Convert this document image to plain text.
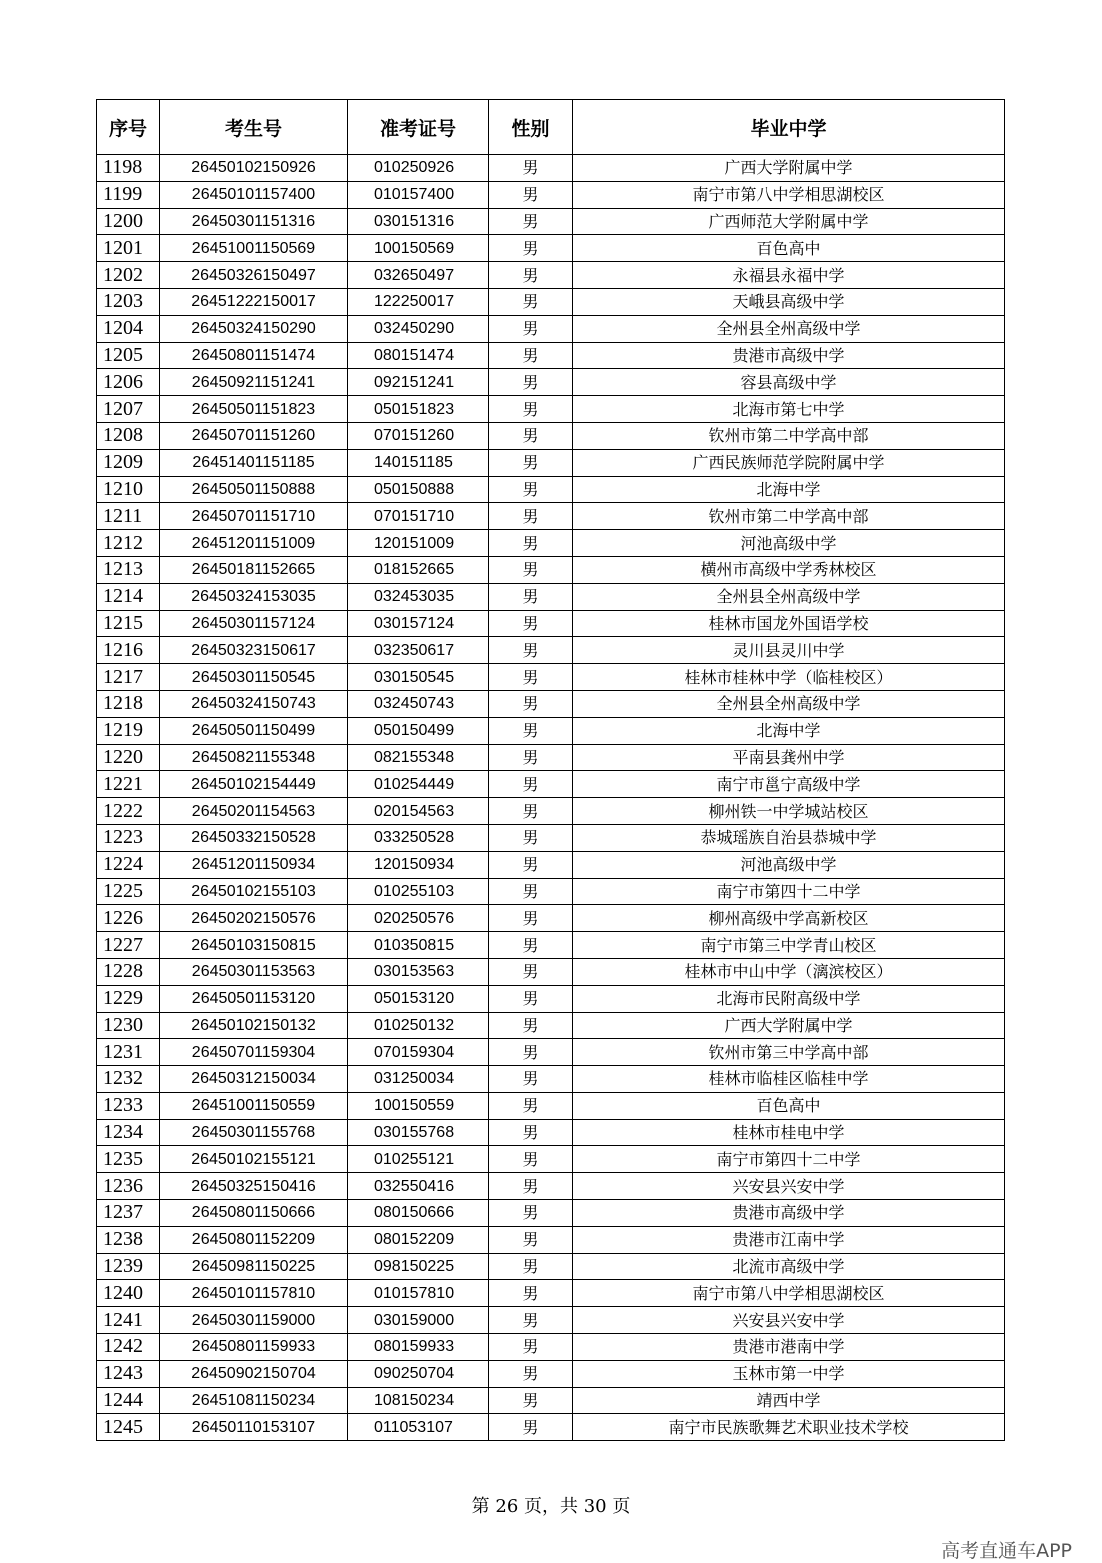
序号	考生号	准考证号	性别	毕业中学
1198	26450102150926	010250926	男	广西大学附属中学
1199	26450101157400	010157400	男	南宁市第八中学相思湖校区
1200	26450301151316	030151316	男	广西师范大学附属中学
1201	26451001150569	100150569	男	百色高中
1202	26450326150497	032650497	男	永福县永福中学
1203	26451222150017	122250017	男	天峨县高级中学
1204	26450324150290	032450290	男	全州县全州高级中学
1205	26450801151474	080151474	男	贵港市高级中学
1206	26450921151241	092151241	男	容县高级中学
1207	26450501151823	050151823	男	北海市第七中学
1208	26450701151260	070151260	男	钦州市第二中学高中部
1209	26451401151185	140151185	男	广西民族师范学院附属中学
1210	26450501150888	050150888	男	北海中学
1211	26450701151710	070151710	男	钦州市第二中学高中部
1212	26451201151009	120151009	男	河池高级中学
1213	26450181152665	018152665	男	横州市高级中学秀林校区
1214	26450324153035	032453035	男	全州县全州高级中学
1215	26450301157124	030157124	男	桂林市国龙外国语学校
1216	26450323150617	032350617	男	灵川县灵川中学
1217	26450301150545	030150545	男	桂林市桂林中学（临桂校区）
1218	26450324150743	032450743	男	全州县全州高级中学
1219	26450501150499	050150499	男	北海中学
1220	26450821155348	082155348	男	平南县龚州中学
1221	26450102154449	010254449	男	南宁市邕宁高级中学
1222	26450201154563	020154563	男	柳州铁一中学城站校区
1223	26450332150528	033250528	男	恭城瑶族自治县恭城中学
1224	26451201150934	120150934	男	河池高级中学
1225	26450102155103	010255103	男	南宁市第四十二中学
1226	26450202150576	020250576	男	柳州高级中学高新校区
1227	26450103150815	010350815	男	南宁市第三中学青山校区
1228	26450301153563	030153563	男	桂林市中山中学（漓滨校区）
1229	26450501153120	050153120	男	北海市民附高级中学
1230	26450102150132	010250132	男	广西大学附属中学
1231	26450701159304	070159304	男	钦州市第三中学高中部
1232	26450312150034	031250034	男	桂林市临桂区临桂中学
1233	26451001150559	100150559	男	百色高中
1234	26450301155768	030155768	男	桂林市桂电中学
1235	26450102155121	010255121	男	南宁市第四十二中学
1236	26450325150416	032550416	男	兴安县兴安中学
1237	26450801150666	080150666	男	贵港市高级中学
1238	26450801152209	080152209	男	贵港市江南中学
1239	26450981150225	098150225	男	北流市高级中学
1240	26450101157810	010157810	男	南宁市第八中学相思湖校区
1241	26450301159000	030159000	男	兴安县兴安中学
1242	26450801159933	080159933	男	贵港市港南中学
1243	26450902150704	090250704	男	玉林市第一中学
1244	26451081150234	108150234	男	靖西中学
1245	26450110153107	011053107	男	南宁市民族歌舞艺术职业技术学校
第 26 页，共 30 页
高考直通车APP
